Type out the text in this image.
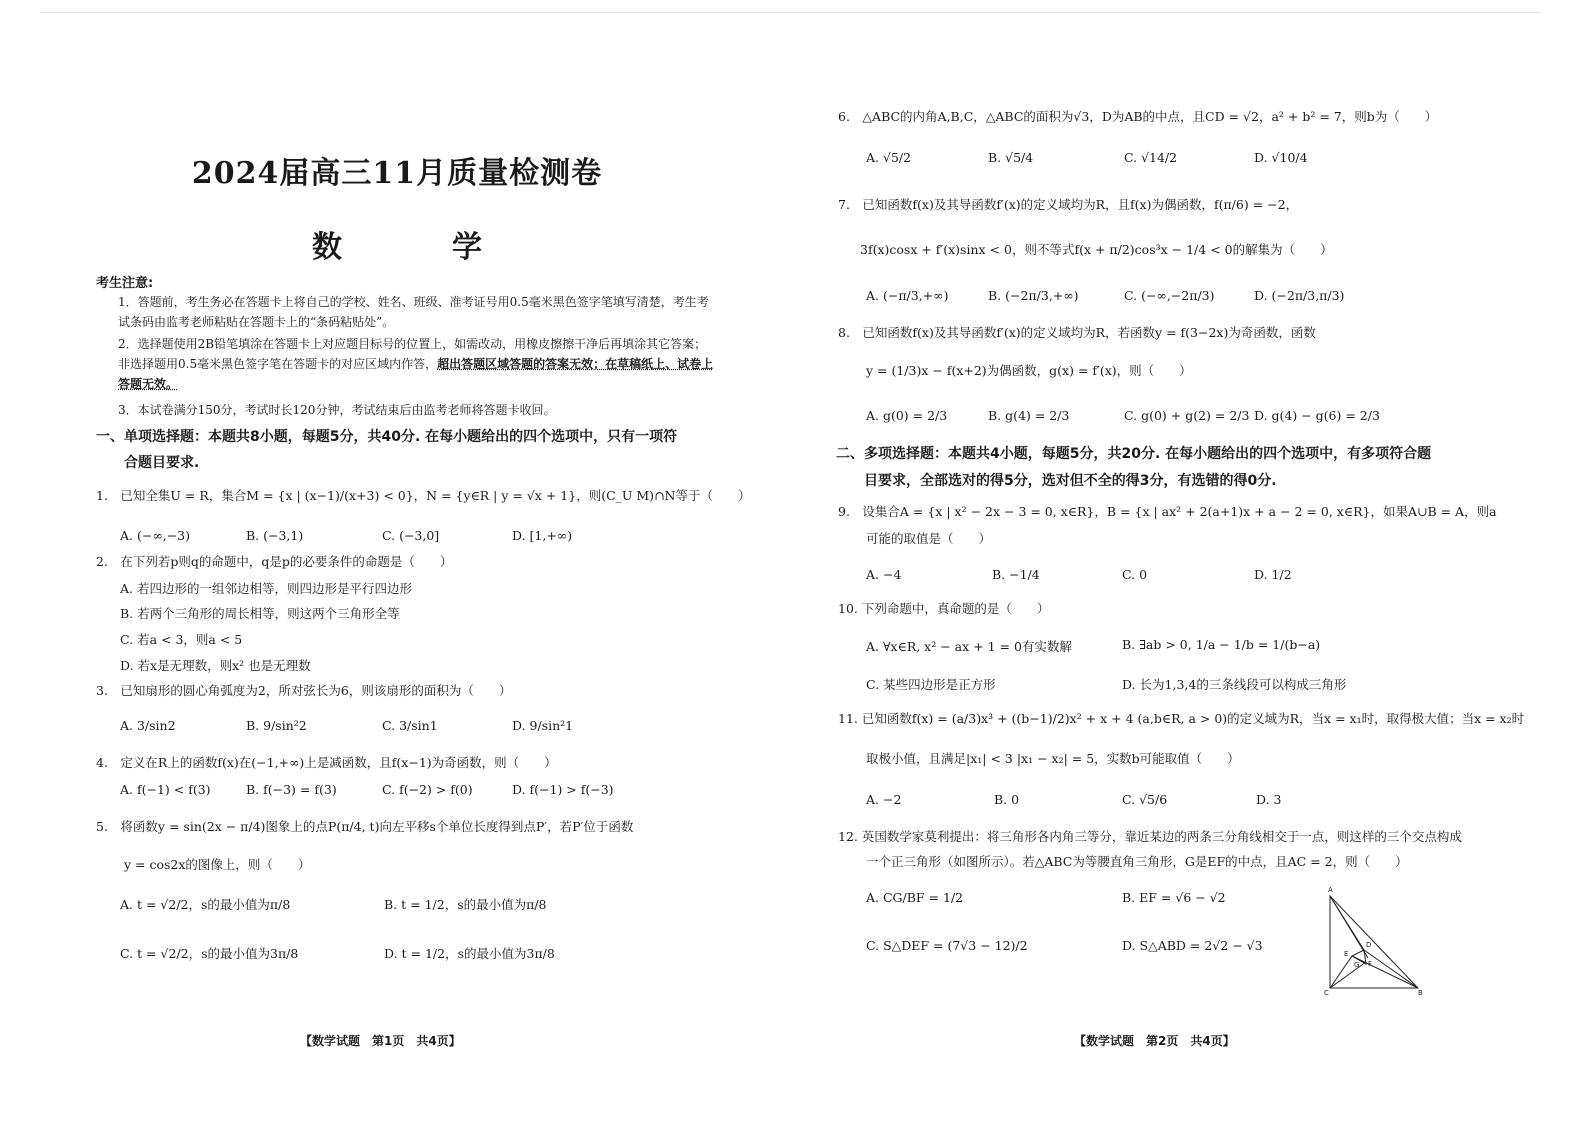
2024届高三11月质量检测卷
数　学
考生注意:
1．答题前，考生务必在答题卡上将自己的学校、姓名、班级、准考证号用0.5毫米黑色签字笔填写清楚，考生考试条码由监考老师粘贴在答题卡上的“条码粘贴处”。
2．选择题使用2B铅笔填涂在答题卡上对应题目标号的位置上，如需改动，用橡皮擦擦干净后再填涂其它答案；非选择题用0.5毫米黑色签字笔在答题卡的对应区域内作答，超出答题区域答题的答案无效；在草稿纸上、试卷上答题无效。
3．本试卷满分150分，考试时长120分钟，考试结束后由监考老师将答题卡收回。
一、单项选择题：本题共8小题，每题5分，共40分. 在每小题给出的四个选项中，只有一项符
合题目要求.
1.　已知全集U = R，集合M = {x | (x−1)/(x+3) < 0}，N = {y∈R | y = √x + 1}，则(C_U M)∩N等于（　　）
A. (−∞,−3)	B. (−3,1)	C. (−3,0]	D. [1,+∞)
2.　在下列若p则q的命题中，q是p的必要条件的命题是（　　）
A. 若四边形的一组邻边相等，则四边形是平行四边形
B. 若两个三角形的周长相等，则这两个三角形全等
C. 若a < 3，则a < 5
D. 若x是无理数，则x² 也是无理数
3.　已知扇形的圆心角弧度为2，所对弦长为6，则该扇形的面积为（　　）
A. 3/sin2	B. 9/sin²2	C. 3/sin1	D. 9/sin²1
4.　定义在R上的函数f(x)在(−1,+∞)上是减函数，且f(x−1)为奇函数，则（　　）
A. f(−1) < f(3)	B. f(−3) = f(3)	C. f(−2) > f(0)	D. f(−1) > f(−3)
5.　将函数y = sin(2x − π/4)图象上的点P(π/4, t)向左平移s个单位长度得到点P′，若P′位于函数
y = cos2x的图像上，则（　　）
A. t = √2/2，s的最小值为π/8	B. t = 1/2，s的最小值为π/8
C. t = √2/2，s的最小值为3π/8	D. t = 1/2，s的最小值为3π/8
【数学试题　第1页　共4页】
6.　△ABC的内角A,B,C，△ABC的面积为√3，D为AB的中点，且CD = √2，a² + b² = 7，则b为（　　）
A. √5/2	B. √5/4	C. √14/2	D. √10/4
7.　已知函数f(x)及其导函数f′(x)的定义域均为R，且f(x)为偶函数，f(π/6) = −2，
3f(x)cosx + f′(x)sinx < 0，则不等式f(x + π/2)cos³x − 1/4 < 0的解集为（　　）
A. (−π/3,+∞)	B. (−2π/3,+∞)	C. (−∞,−2π/3)	D. (−2π/3,π/3)
8.　已知函数f(x)及其导函数f′(x)的定义域均为R，若函数y = f(3−2x)为奇函数，函数
y = (1/3)x − f(x+2)为偶函数，g(x) = f′(x)，则（　　）
A. g(0) = 2/3	B. g(4) = 2/3	C. g(0) + g(2) = 2/3 D. g(4) − g(6) = 2/3
二、多项选择题：本题共4小题，每题5分，共20分. 在每小题给出的四个选项中，有多项符合题
目要求，全部选对的得5分，选对但不全的得3分，有选错的得0分.
9.　设集合A = {x | x² − 2x − 3 = 0, x∈R}，B = {x | ax² + 2(a+1)x + a − 2 = 0, x∈R}，如果A∪B = A，则a
可能的取值是（　　）
A. −4	B. −1/4	C. 0	D. 1/2
10. 下列命题中，真命题的是（　　）
A. ∀x∈R, x² − ax + 1 = 0有实数解	B. ∃ab > 0, 1/a − 1/b = 1/(b−a)
C. 某些四边形是正方形	D. 长为1,3,4的三条线段可以构成三角形
11. 已知函数f(x) = (a/3)x³ + ((b−1)/2)x² + x + 4 (a,b∈R, a > 0)的定义域为R，当x = x₁时，取得极大值；当x = x₂时
取极小值，且满足|x₁| < 3 |x₁ − x₂| = 5，实数b可能取值（　　）
A. −2	B. 0	C. √5/6	D. 3
12. 英国数学家莫利提出：将三角形各内角三等分，靠近某边的两条三分角线相交于一点，则这样的三个交点构成
一个正三角形（如图所示）。若△ABC为等腰直角三角形，G是EF的中点，且AC = 2，则（　　）
A. CG/BF = 1/2	B. EF = √6 − √2
C. S△DEF = (7√3 − 12)/2	D. S△ABD = 2√2 − √3
【数学试题　第2页　共4页】
A
B
C
D
E
F
G
